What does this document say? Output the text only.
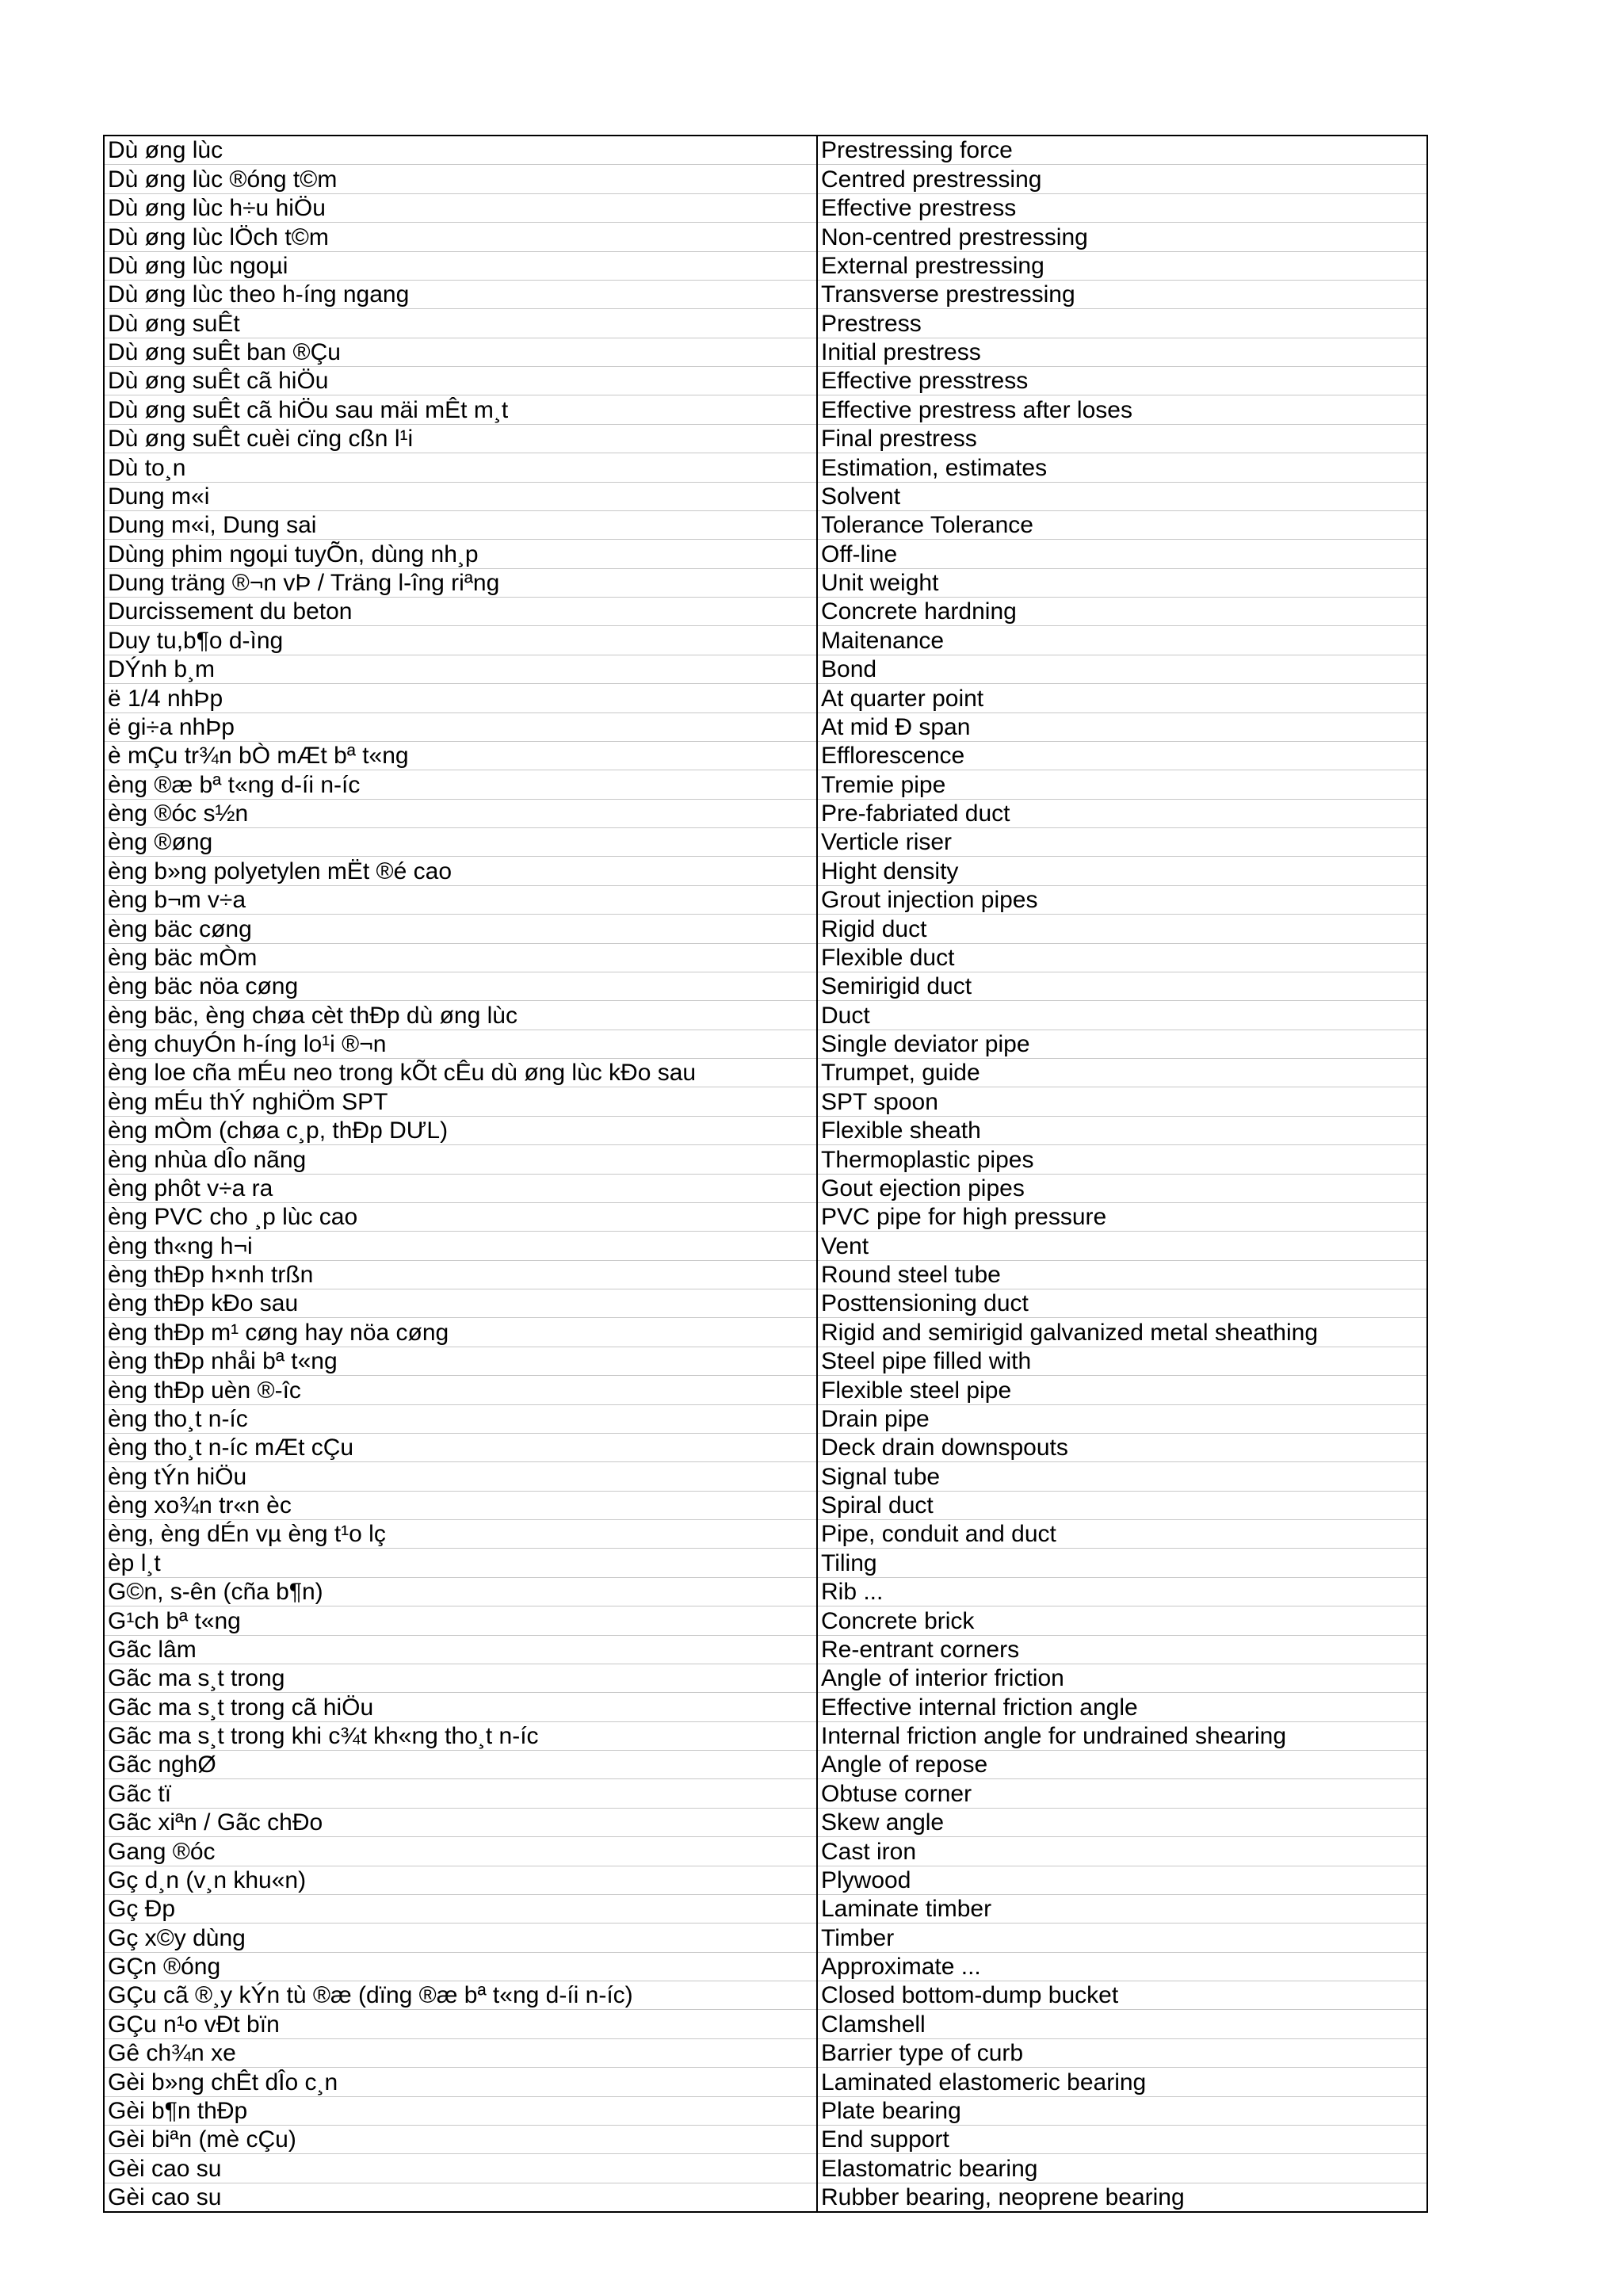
Dù øng lùc	Prestressing force
Dù øng lùc ®óng t©m	Centred prestressing
Dù øng lùc h÷u hiÖu	Effective prestress
Dù øng lùc lÖch t©m	Non-centred prestressing
Dù øng lùc ngoµi	External prestressing
Dù øng lùc theo h-íng ngang	Transverse prestressing
Dù øng suÊt	Prestress
Dù øng suÊt ban ®Çu	Initial prestress
Dù øng suÊt cã hiÖu	Effective presstress
Dù øng suÊt cã hiÖu sau mäi mÊt m¸t	Effective prestress after loses
Dù øng suÊt cuèi cïng cßn l¹i	Final prestress
Dù to¸n	Estimation, estimates
Dung m«i	Solvent
Dung m«i, Dung sai	Tolerance Tolerance
Dùng phim ngoµi tuyÕn, dùng nh¸p	Off-line
Dung träng ®¬n vÞ / Träng l-îng riªng	Unit weight
Durcissement du beton	Concrete hardning
Duy tu,b¶o d-ìng	Maitenance
DÝnh b¸m	Bond
ë 1/4 nhÞp	At quarter point
ë gi÷a nhÞp	At mid Ð span
è mÇu tr¾n bÒ mÆt bª t«ng	Efflorescence
èng ®æ bª t«ng d-íi n-íc	Tremie pipe
èng ®óc s½n	Pre-fabriated duct
èng ®øng	Verticle riser
èng b»ng polyetylen mËt ®é cao	Hight density
èng b¬m v÷a	Grout injection pipes
èng bäc cøng	Rigid duct
èng bäc mÒm	Flexible duct
èng bäc nöa cøng	Semirigid duct
èng bäc, èng chøa cèt thÐp dù øng lùc	Duct
èng chuyÓn h-íng lo¹i ®¬n	Single deviator pipe
èng loe cña mÉu neo trong kÕt cÊu dù øng lùc kÐo sau	Trumpet, guide
èng mÉu thÝ nghiÖm SPT	SPT spoon
èng mÒm (chøa c¸p, thÐp DƯL)	Flexible sheath
èng nhùa dÎo nãng	Thermoplastic pipes
èng phôt v÷a ra	Gout ejection pipes
èng PVC cho ¸p lùc cao	PVC pipe for high pressure
èng th«ng h¬i	Vent
èng thÐp h×nh trßn	Round steel tube
èng thÐp kÐo sau	Posttensioning duct
èng thÐp m¹ cøng hay nöa cøng	Rigid and semirigid galvanized metal sheathing
èng thÐp nhåi bª t«ng	Steel pipe filled with
èng thÐp uèn ®-îc	Flexible steel pipe
èng tho¸t n-íc	Drain pipe
èng tho¸t n-íc mÆt cÇu	Deck drain downspouts
èng tÝn hiÖu	Signal tube
èng xo¾n tr«n èc	Spiral duct
èng, èng dÉn vµ èng t¹o lç	Pipe, conduit and duct
èp l¸t	Tiling
G©n, s-ên (cña b¶n)	Rib ...
G¹ch bª t«ng	Concrete brick
Gãc lâm	Re-entrant corners
Gãc ma s¸t trong	Angle of interior friction
Gãc ma s¸t trong cã hiÖu	Effective internal friction angle
Gãc ma s¸t trong khi c¾t kh«ng tho¸t n-íc	Internal friction angle for undrained shearing
Gãc nghØ	Angle of repose
Gãc tï	Obtuse corner
Gãc xiªn / Gãc chÐo	Skew angle
Gang ®óc	Cast iron
Gç d¸n (v¸n khu«n)	Plywood
Gç Ðp	Laminate timber
Gç x©y dùng	Timber
GÇn ®óng	Approximate ...
GÇu cã ®¸y kÝn tù ®æ (dïng ®æ bª t«ng d-íi n-íc)	Closed bottom-dump bucket
GÇu n¹o vÐt bïn	Clamshell
Gê ch¾n xe	Barrier type of curb
Gèi b»ng chÊt dÎo c¸n	Laminated elastomeric bearing
Gèi b¶n thÐp	Plate bearing
Gèi biªn (mè cÇu)	End support
Gèi cao su	Elastomatric bearing
Gèi cao su	Rubber bearing, neoprene bearing
